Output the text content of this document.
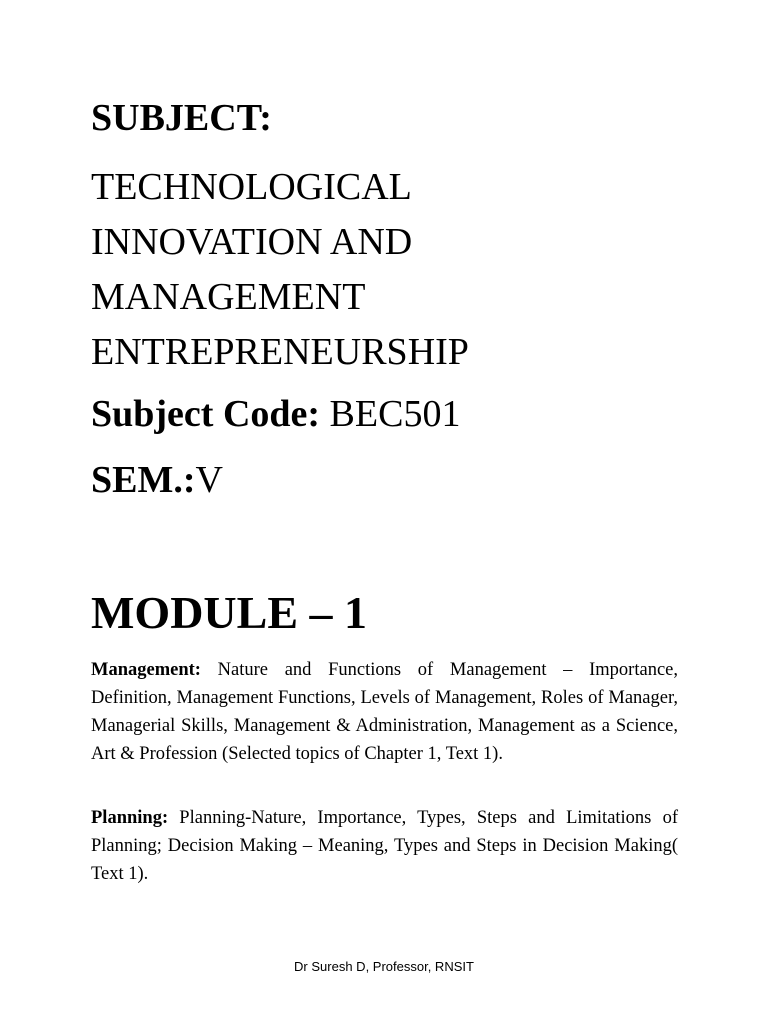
SUBJECT:
TECHNOLOGICAL
INNOVATION AND
MANAGEMENT
ENTREPRENEURSHIP
Subject Code: BEC501
SEM.:V
MODULE – 1
Management: Nature and Functions of Management – Importance, Definition, Management Functions, Levels of Management, Roles of Manager, Managerial Skills, Management & Administration, Management as a Science, Art & Profession (Selected topics of Chapter 1, Text 1).
Planning: Planning-Nature, Importance, Types, Steps and Limitations of Planning; Decision Making – Meaning, Types and Steps in Decision Making( Text 1).
Dr Suresh D, Professor, RNSIT
